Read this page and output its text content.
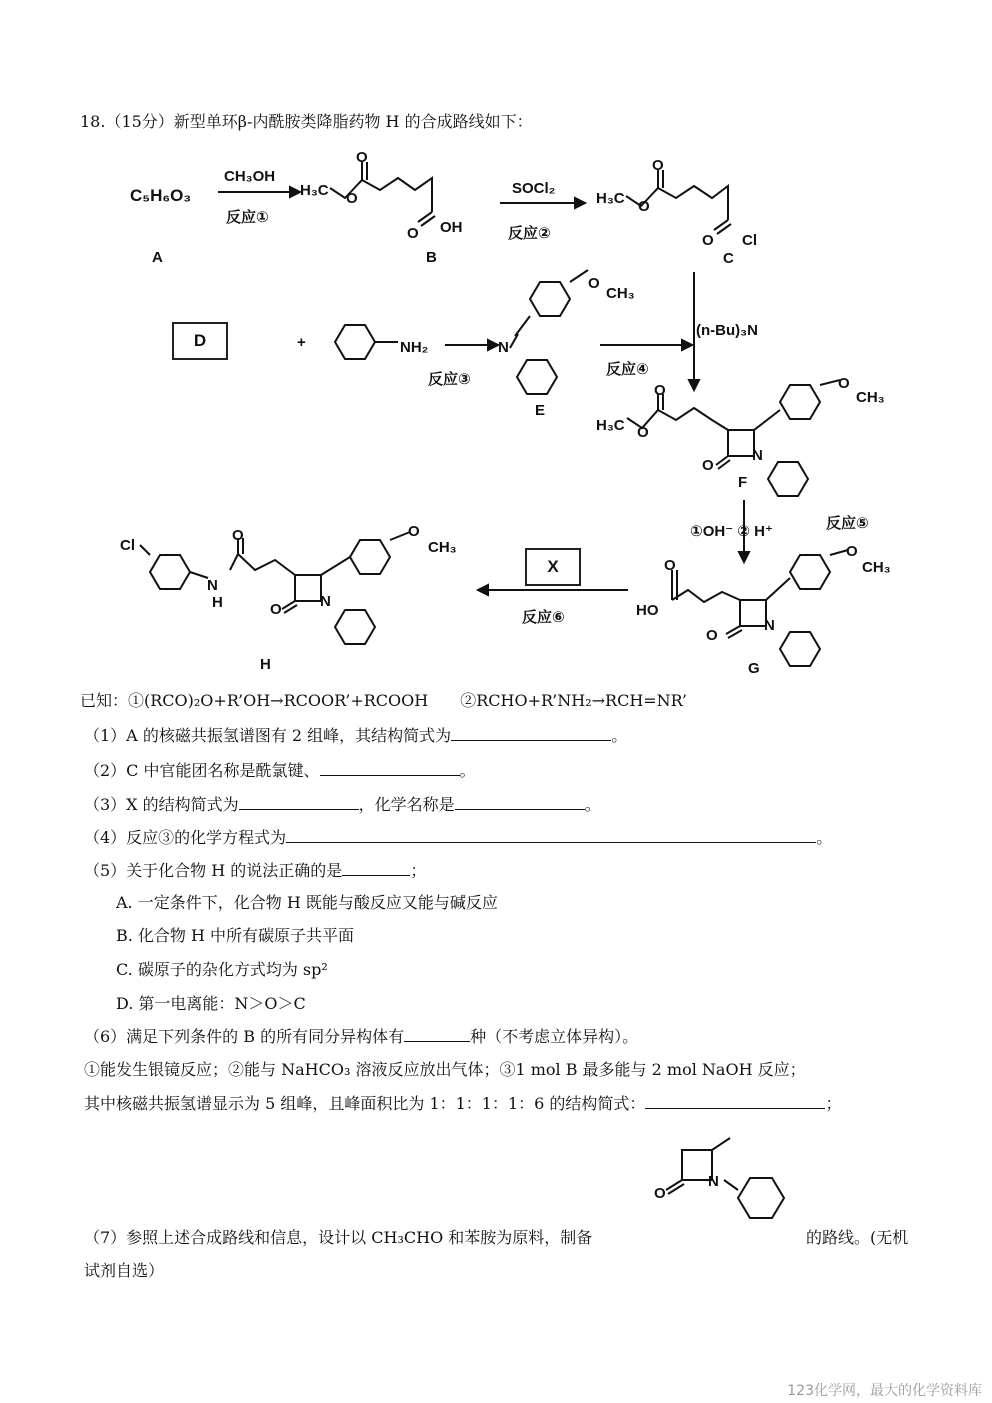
18.（15分）新型单环β-内酰胺类降脂药物 H 的合成路线如下：
H₃C O
O
O OH
H₃C O
O
O Cl
NH₂
O
CH₃
N
H₃C O
O
O
N
O
CH₃
HO
O
O
N
O
CH₃
Cl
N
H
O
O	N
O
CH₃
C₅H₆O₃
A
CH₃OH
反应①
B
SOCl₂
反应②
C
D	+
反应③
E
反应④
(n-Bu)₃N
F
①OH⁻ ② H⁺	反应⑤
X
反应⑥
G
H
已知：①(RCO)₂O+R’OH→RCOOR’+RCOOH　　②RCHO+R’NH₂→RCH=NR’
（1）A 的核磁共振氢谱图有 2 组峰，其结构简式为	。
（2）C 中官能团名称是酰氯键、	。
（3）X 的结构简式为	，化学名称是	。
（4）反应③的化学方程式为	。
（5）关于化合物 H 的说法正确的是	；
A. 一定条件下，化合物 H 既能与酸反应又能与碱反应
B. 化合物 H 中所有碳原子共平面
C. 碳原子的杂化方式均为 sp²
D. 第一电离能：N＞O＞C
（6）满足下列条件的 B 的所有同分异构体有	种（不考虑立体异构）。
①能发生银镜反应；②能与 NaHCO₃ 溶液反应放出气体；③1 mol B 最多能与 2 mol NaOH 反应；
其中核磁共振氢谱显示为 5 组峰，且峰面积比为 1：1：1：1：6 的结构简式：	；
O
N
（7）参照上述合成路线和信息，设计以 CH₃CHO 和苯胺为原料，制备	的路线。(无机
试剂自选）
123化学网，最大的化学资料库
